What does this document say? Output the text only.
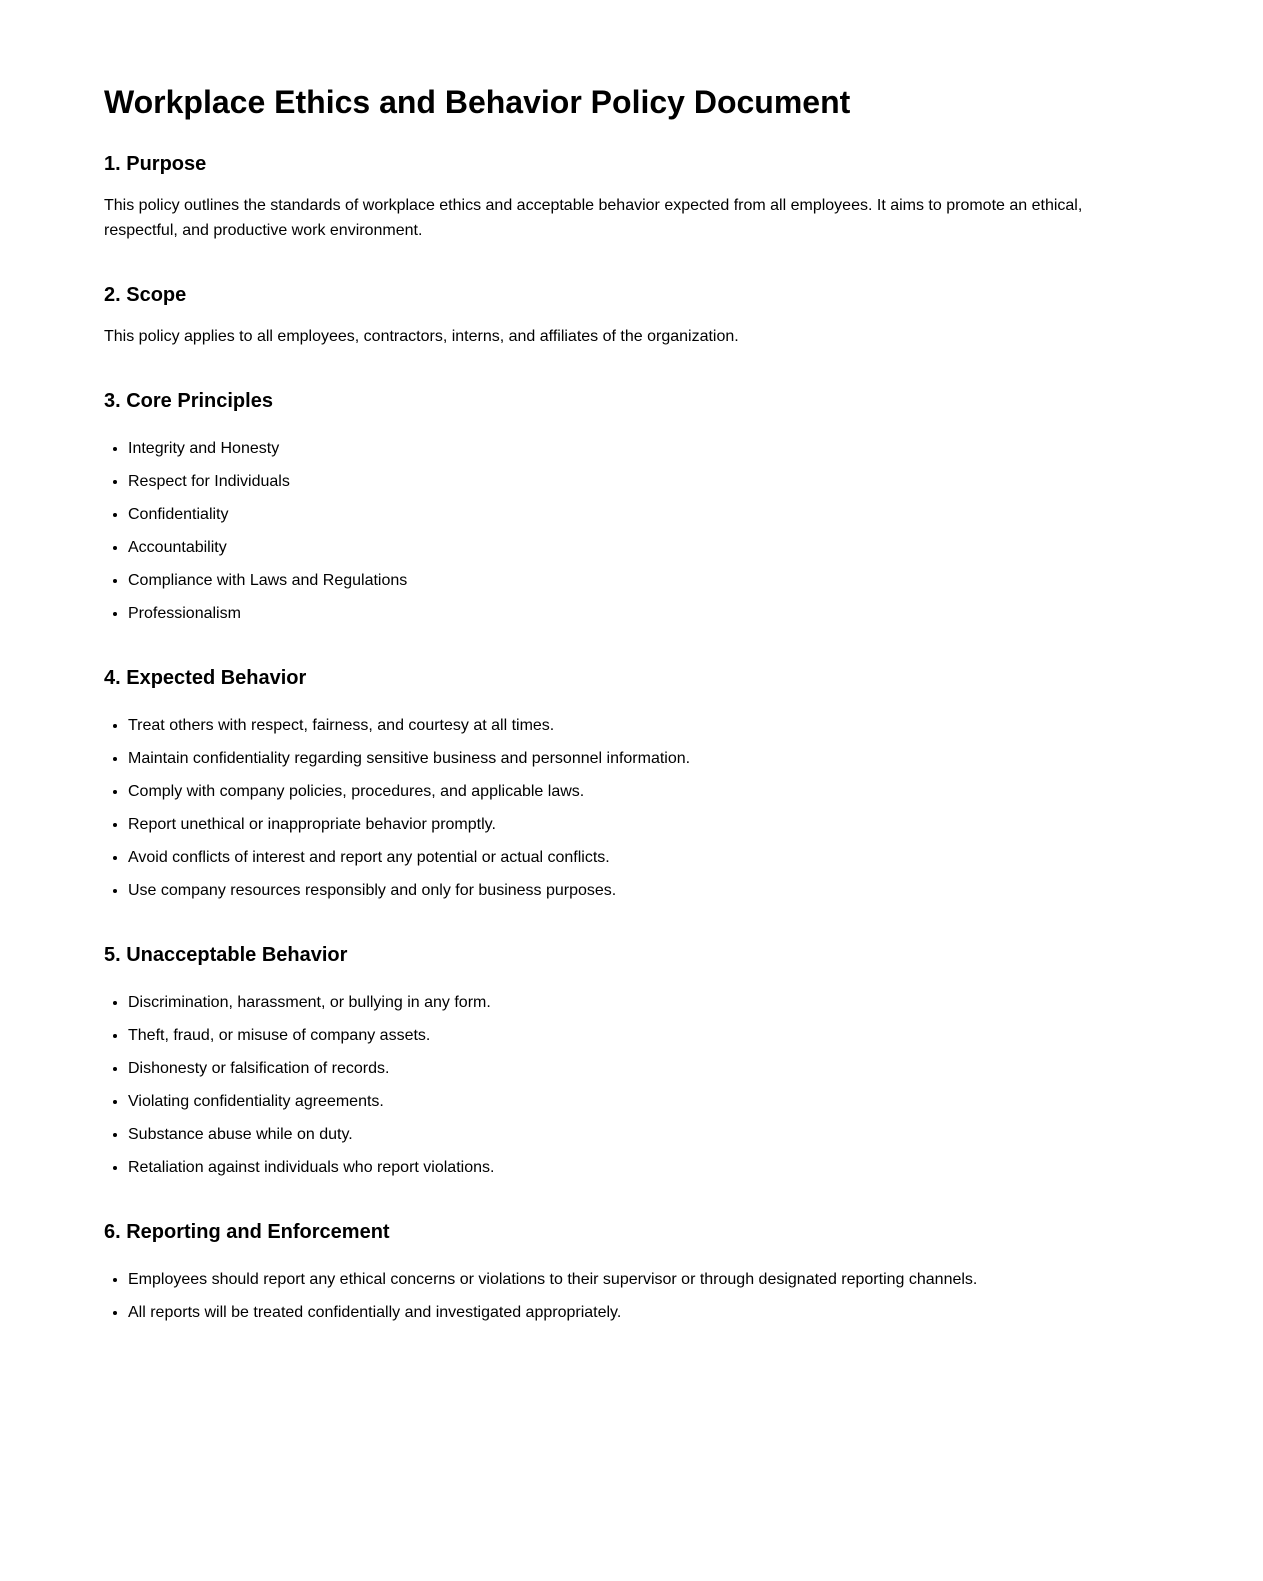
Workplace Ethics and Behavior Policy Document
1. Purpose

This policy outlines the standards of workplace ethics and acceptable behavior expected from all employees. It aims to promote an ethical, respectful, and productive work environment.

2. Scope

This policy applies to all employees, contractors, interns, and affiliates of the organization.

3. Core Principles
• Integrity and Honesty
• Respect for Individuals
• Confidentiality
• Accountability
• Compliance with Laws and Regulations
• Professionalism
4. Expected Behavior
• Treat others with respect, fairness, and courtesy at all times.
• Maintain confidentiality regarding sensitive business and personnel information.
• Comply with company policies, procedures, and applicable laws.
• Report unethical or inappropriate behavior promptly.
• Avoid conflicts of interest and report any potential or actual conflicts.
• Use company resources responsibly and only for business purposes.
5. Unacceptable Behavior
• Discrimination, harassment, or bullying in any form.
• Theft, fraud, or misuse of company assets.
• Dishonesty or falsification of records.
• Violating confidentiality agreements.
• Substance abuse while on duty.
• Retaliation against individuals who report violations.
6. Reporting and Enforcement
• Employees should report any ethical concerns or violations to their supervisor or through designated reporting channels.
• All reports will be treated confidentially and investigated appropriately.
